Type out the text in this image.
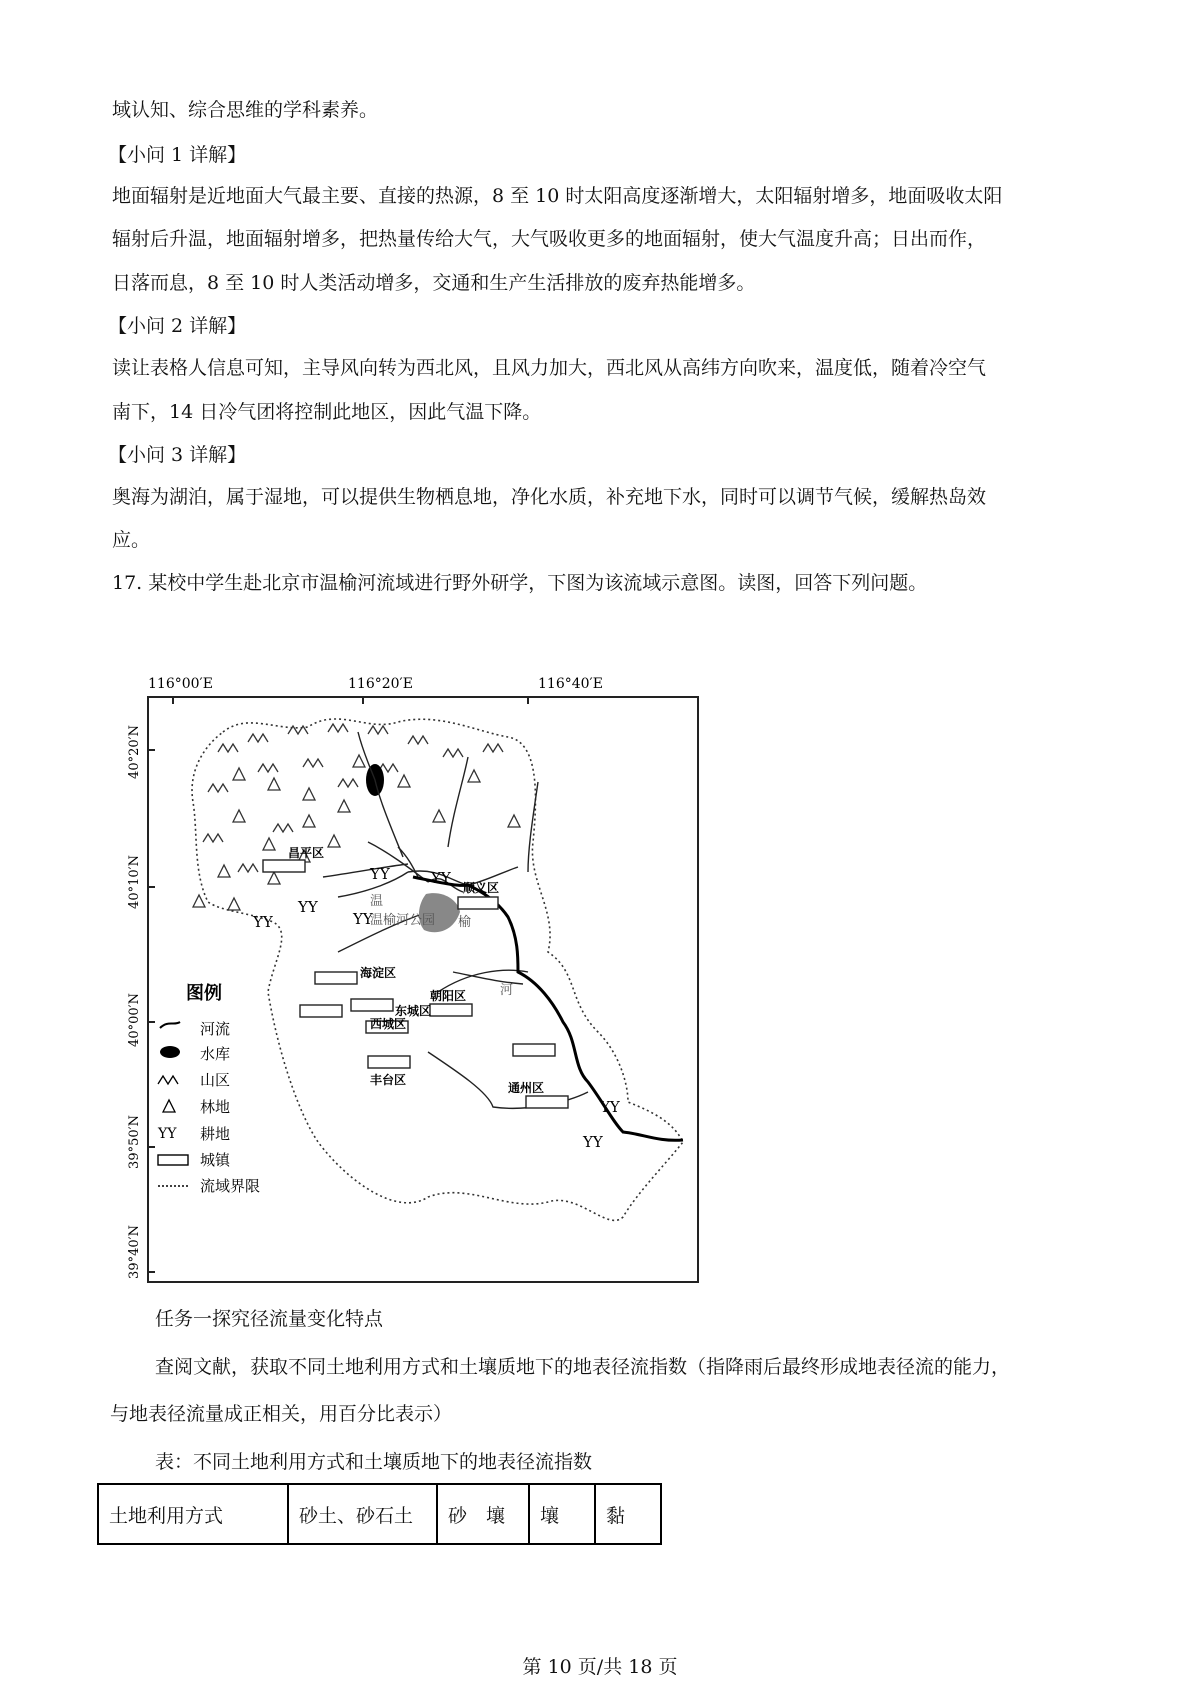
域认知、综合思维的学科素养。

【小问 1 详解】

地面辐射是近地面大气最主要、直接的热源，8 至 10 时太阳高度逐渐增大，太阳辐射增多，地面吸收太阳

辐射后升温，地面辐射增多，把热量传给大气，大气吸收更多的地面辐射，使大气温度升高；日出而作，

日落而息，8 至 10 时人类活动增多，交通和生产生活排放的废弃热能增多。

【小问 2 详解】

读让表格人信息可知，主导风向转为西北风，且风力加大，西北风从高纬方向吹来，温度低，随着冷空气

南下，14 日冷气团将控制此地区，因此气温下降。

【小问 3 详解】

奥海为湖泊，属于湿地，可以提供生物栖息地，净化水质，补充地下水，同时可以调节气候，缓解热岛效

应。

17. 某校中学生赴北京市温榆河流域进行野外研学，下图为该流域示意图。读图，回答下列问题。

116°00′E	116°20′E	116°40′E
40°20′N
40°10′N
40°00′N
39°50′N
39°40′N
YY	YY
YY
YY	YY
YY
YY
昌平区
顺义区
海淀区
朝阳区
东城区
西城区
丰台区
通州区
温
温榆河公园 榆
河
图例
河流
水库
山区
林地
YY 耕地
城镇
流域界限

任务一探究径流量变化特点

查阅文献，获取不同土地利用方式和土壤质地下的地表径流指数（指降雨后最终形成地表径流的能力，

与地表径流量成正相关，用百分比表示）

表：不同土地利用方式和土壤质地下的地表径流指数

土地利用方式	砂土、砂石土	砂　壤	壤	黏
第 10 页/共 18 页
